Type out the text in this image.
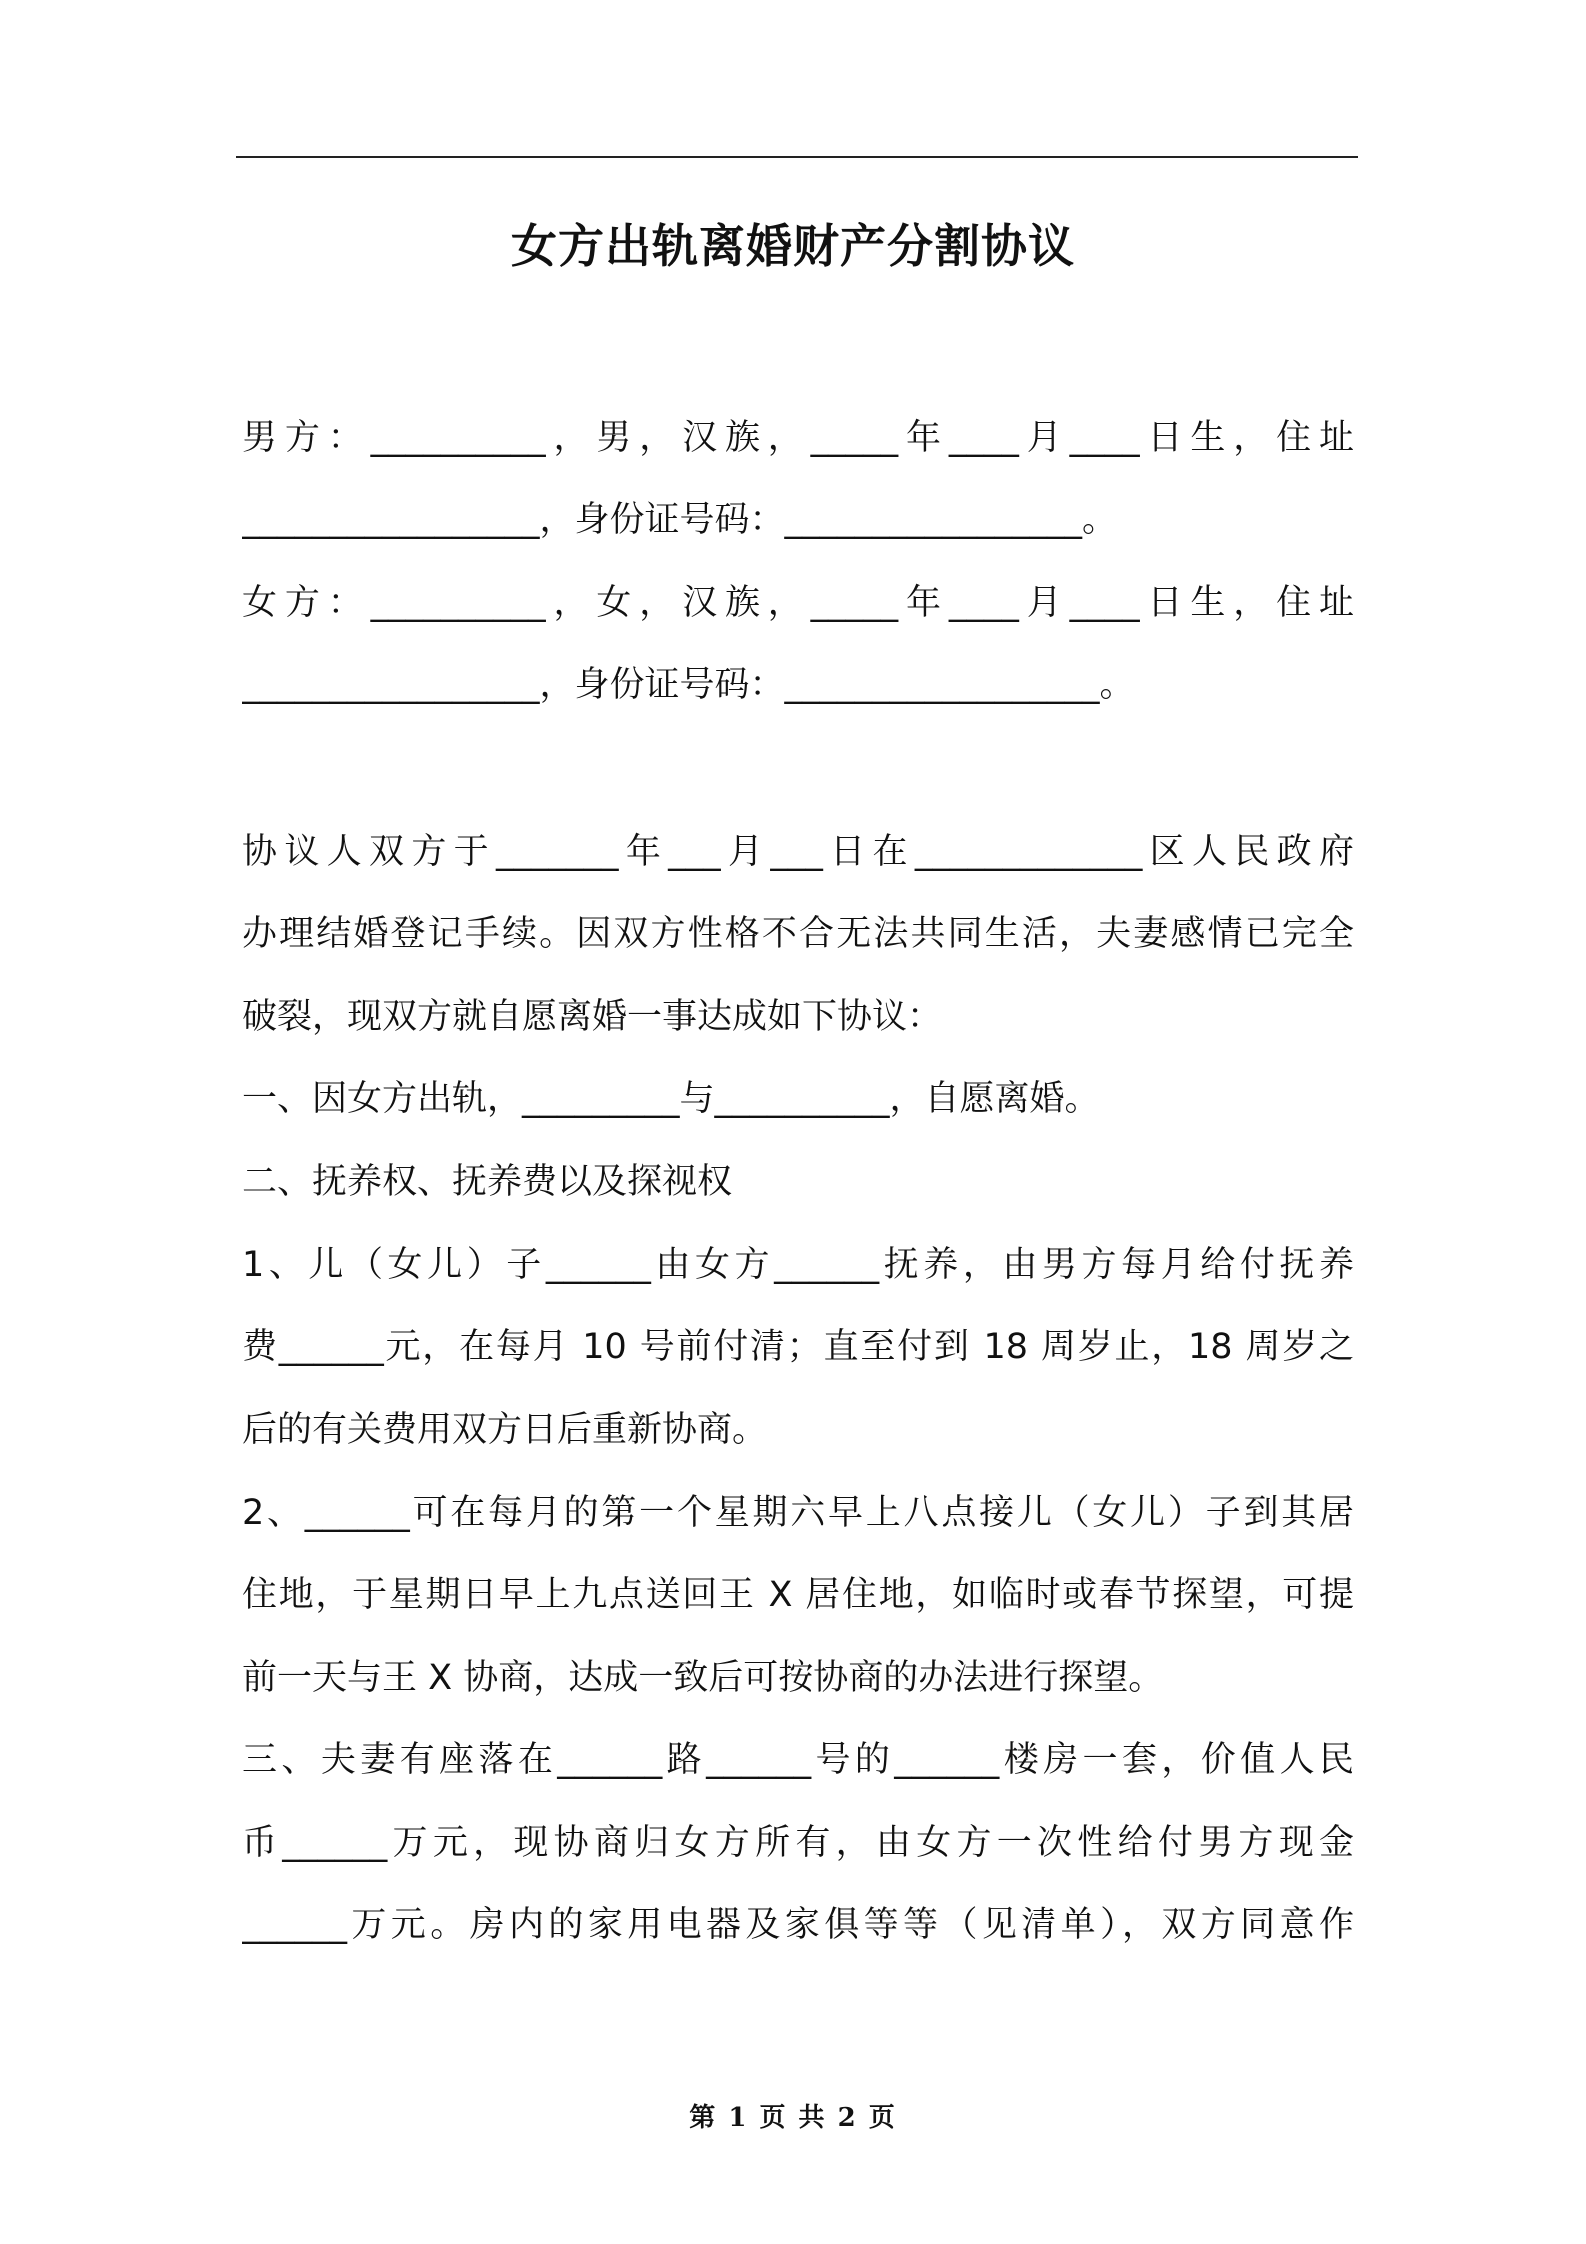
女方出轨离婚财产分割协议
男方：__________，男，汉族，_____年____月____日生，住址
_________________，身份证号码：_________________。
女方：__________，女，汉族，_____年____月____日生，住址
_________________，身份证号码：__________________。
协议人双方于_______年___月___日在_____________区人民政府
办理结婚登记手续。因双方性格不合无法共同生活，夫妻感情已完全
破裂，现双方就自愿离婚一事达成如下协议：
一、因女方出轨，_________与__________，自愿离婚。
二、抚养权、抚养费以及探视权
1、儿（女儿）子______由女方______抚养，由男方每月给付抚养
费______元，在每月 10 号前付清；直至付到 18 周岁止，18 周岁之
后的有关费用双方日后重新协商。
2、______可在每月的第一个星期六早上八点接儿（女儿）子到其居
住地，于星期日早上九点送回王 X 居住地，如临时或春节探望，可提
前一天与王 X 协商，达成一致后可按协商的办法进行探望。
三、夫妻有座落在______路______号的______楼房一套，价值人民
币______万元，现协商归女方所有，由女方一次性给付男方现金
______万元。房内的家用电器及家俱等等（见清单），双方同意作
第 1 页 共 2 页
